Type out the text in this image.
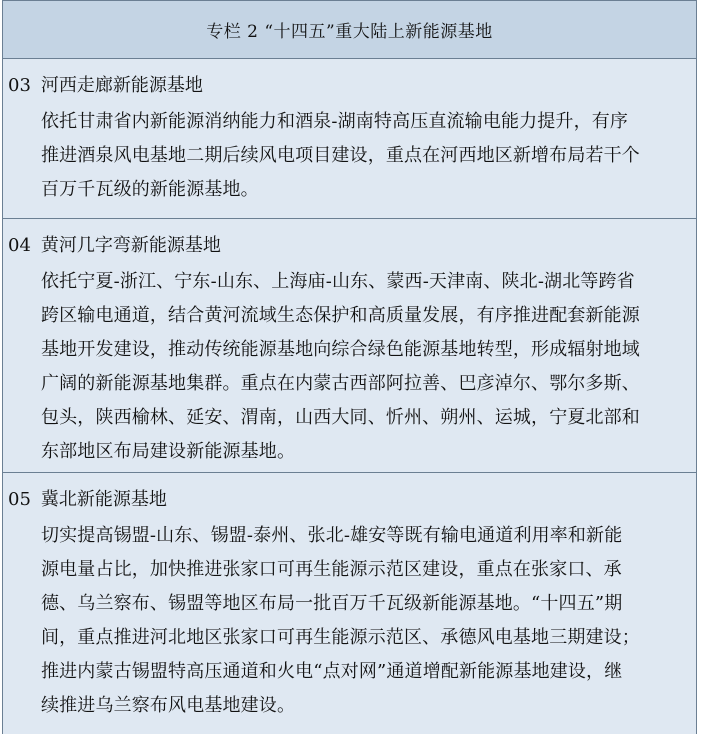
专栏 2 “十四五”重大陆上新能源基地
03 河西走廊新能源基地
依托甘肃省内新能源消纳能力和酒泉-湖南特高压直流输电能力提升，有序
推进酒泉风电基地二期后续风电项目建设，重点在河西地区新增布局若干个
百万千瓦级的新能源基地。
04 黄河几字弯新能源基地
依托宁夏-浙江、宁东-山东、上海庙-山东、蒙西-天津南、陕北-湖北等跨省
跨区输电通道，结合黄河流域生态保护和高质量发展，有序推进配套新能源
基地开发建设，推动传统能源基地向综合绿色能源基地转型，形成辐射地域
广阔的新能源基地集群。重点在内蒙古西部阿拉善、巴彦淖尔、鄂尔多斯、
包头，陕西榆林、延安、渭南，山西大同、忻州、朔州、运城，宁夏北部和
东部地区布局建设新能源基地。
05 冀北新能源基地
切实提高锡盟-山东、锡盟-泰州、张北-雄安等既有输电通道利用率和新能
源电量占比，加快推进张家口可再生能源示范区建设，重点在张家口、承
德、乌兰察布、锡盟等地区布局一批百万千瓦级新能源基地。“十四五”期
间，重点推进河北地区张家口可再生能源示范区、承德风电基地三期建设；
推进内蒙古锡盟特高压通道和火电“点对网”通道增配新能源基地建设，继
续推进乌兰察布风电基地建设。
